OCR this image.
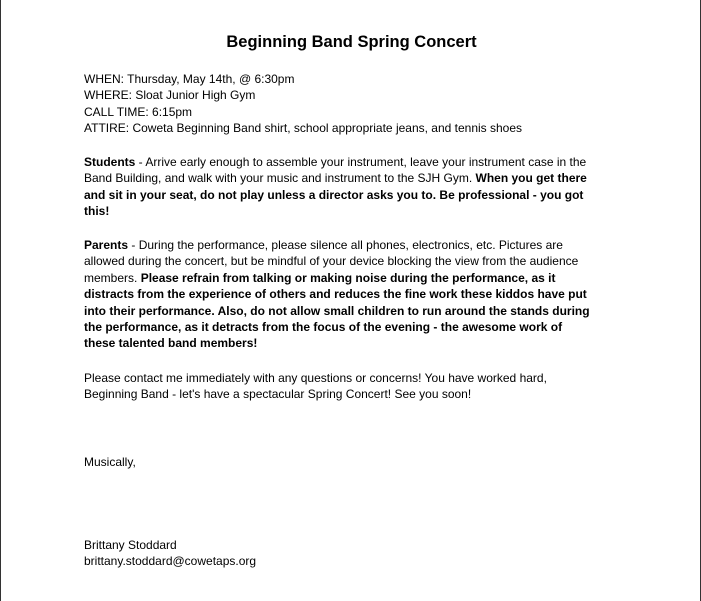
Beginning Band Spring Concert
WHEN: Thursday, May 14th, @ 6:30pm
WHERE: Sloat Junior High Gym
CALL TIME: 6:15pm
ATTIRE: Coweta Beginning Band shirt, school appropriate jeans, and tennis shoes
Students - Arrive early enough to assemble your instrument, leave your instrument case in the
Band Building, and walk with your music and instrument to the SJH Gym. When you get there
and sit in your seat, do not play unless a director asks you to. Be professional - you got
this!
Parents - During the performance, please silence all phones, electronics, etc. Pictures are
allowed during the concert, but be mindful of your device blocking the view from the audience
members. Please refrain from talking or making noise during the performance, as it
distracts from the experience of others and reduces the fine work these kiddos have put
into their performance. Also, do not allow small children to run around the stands during
the performance, as it detracts from the focus of the evening - the awesome work of
these talented band members!
Please contact me immediately with any questions or concerns! You have worked hard,
Beginning Band - let's have a spectacular Spring Concert! See you soon!
Musically,
Brittany Stoddard
brittany.stoddard@cowetaps.org
